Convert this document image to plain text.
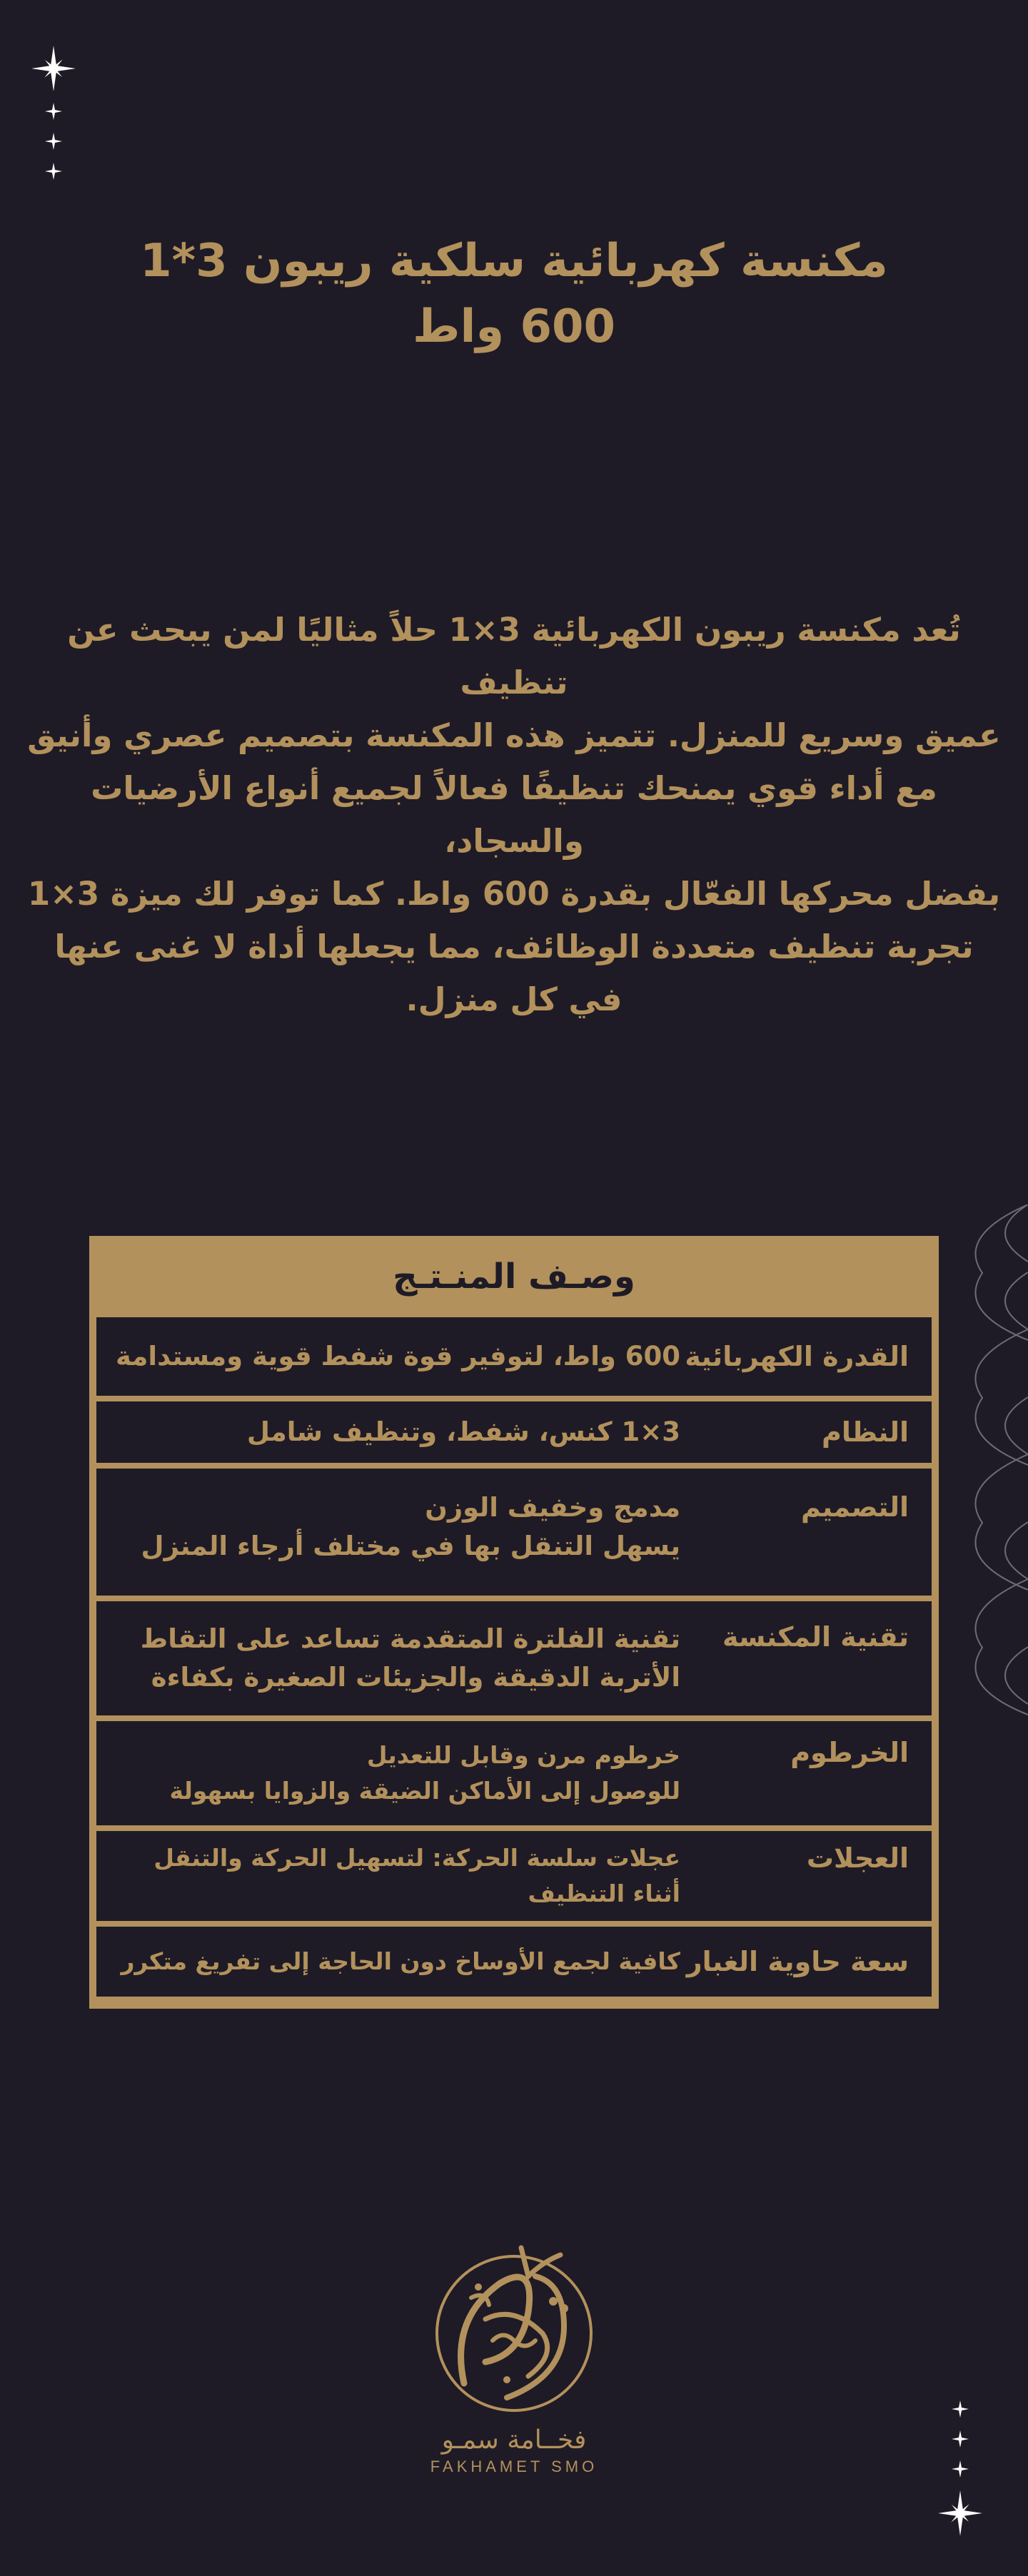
مكنسة كهربائية سلكية ريبون 3*1
600 واط
تُعد مكنسة ريبون الكهربائية 3×1 حلاً مثاليًا لمن يبحث عن تنظيف
عميق وسريع للمنزل. تتميز هذه المكنسة بتصميم عصري وأنيق
مع أداء قوي يمنحك تنظيفًا فعالاً لجميع أنواع الأرضيات والسجاد،
بفضل محركها الفعّال بقدرة 600 واط. كما توفر لك ميزة 3×1
تجربة تنظيف متعددة الوظائف، مما يجعلها أداة لا غنى عنها
في كل منزل.
وصـف المنـتـج
القدرة الكهربائية
600 واط، لتوفير قوة شفط قوية ومستدامة
النظام
3×1 كنس، شفط، وتنظيف شامل
التصميم
مدمج وخفيف الوزن
يسهل التنقل بها في مختلف أرجاء المنزل
تقنية المكنسة
تقنية الفلترة المتقدمة تساعد على التقاط
الأتربة الدقيقة والجزيئات الصغيرة بكفاءة
الخرطوم
خرطوم مرن وقابل للتعديل
للوصول إلى الأماكن الضيقة والزوايا بسهولة
العجلات
عجلات سلسة الحركة: لتسهيل الحركة والتنقل
أثناء التنظيف
سعة حاوية الغبار
كافية لجمع الأوساخ دون الحاجة إلى تفريغ متكرر
فخــامة سمـو
FAKHAMET SMO
